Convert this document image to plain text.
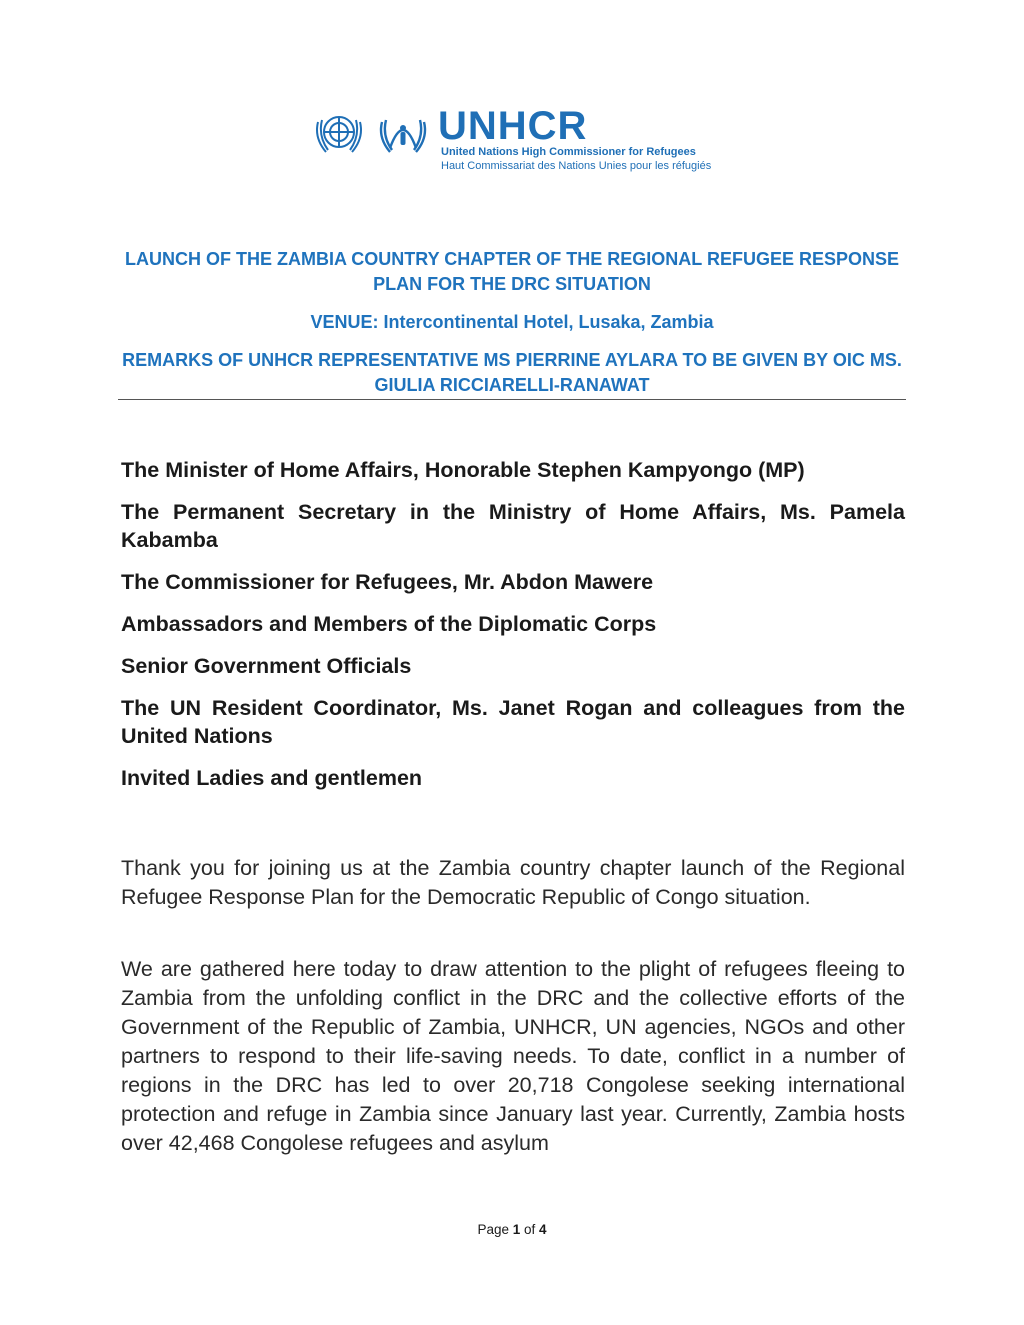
UNHCR
United Nations High Commissioner for Refugees
Haut Commissariat des Nations Unies pour les réfugiés
LAUNCH OF THE ZAMBIA COUNTRY CHAPTER OF THE REGIONAL REFUGEE RESPONSE PLAN FOR THE DRC SITUATION
VENUE: Intercontinental Hotel, Lusaka, Zambia
REMARKS OF UNHCR REPRESENTATIVE MS PIERRINE AYLARA TO BE GIVEN BY OIC MS. GIULIA RICCIARELLI-RANAWAT
The Minister of Home Affairs, Honorable Stephen Kampyongo (MP)
The Permanent Secretary in the Ministry of Home Affairs, Ms. Pamela Kabamba
The Commissioner for Refugees, Mr. Abdon Mawere
Ambassadors and Members of the Diplomatic Corps
Senior Government Officials
The UN Resident Coordinator, Ms. Janet Rogan and colleagues from the United Nations
Invited Ladies and gentlemen

Thank you for joining us at the Zambia country chapter launch of the Regional Refugee Response Plan for the Democratic Republic of Congo situation.

We are gathered here today to draw attention to the plight of refugees fleeing to Zambia from the unfolding conflict in the DRC and the collective efforts of the Government of the Republic of Zambia, UNHCR, UN agencies, NGOs and other partners to respond to their life-saving needs. To date, conflict in a number of regions in the DRC has led to over 20,718 Congolese seeking international protection and refuge in Zambia since January last year. Currently, Zambia hosts over 42,468 Congolese refugees and asylum

Page 1 of 4
